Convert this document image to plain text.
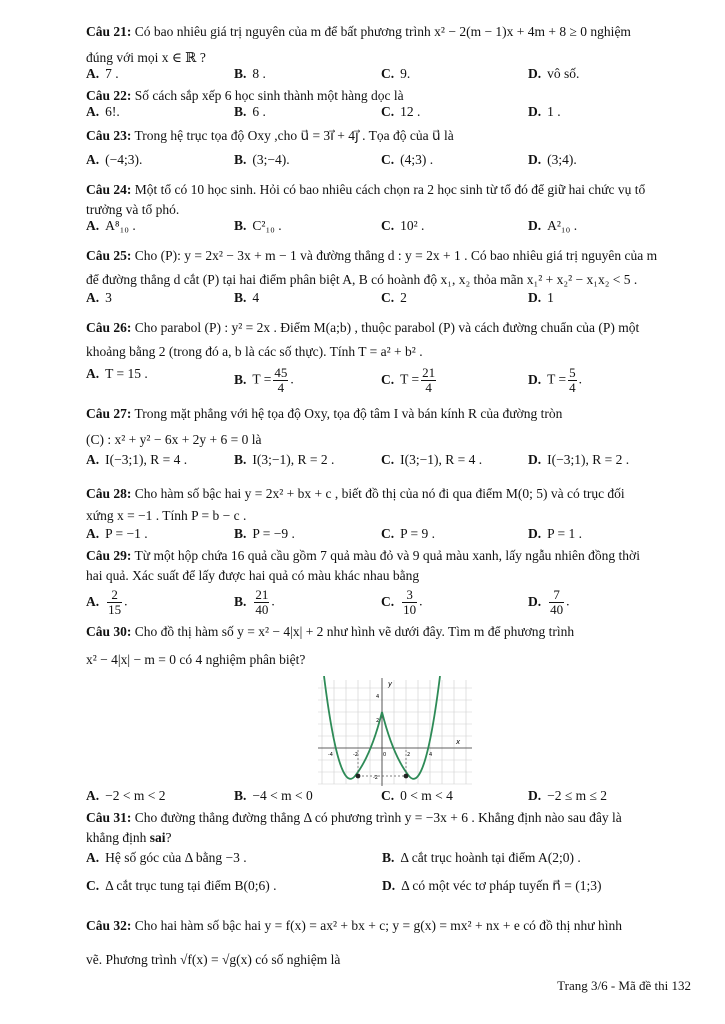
Câu 21: Có bao nhiêu giá trị nguyên của m để bất phương trình x² − 2(m − 1)x + 4m + 8 ≥ 0 nghiệm
đúng với mọi x ∈ ℝ ?
A. 7 .	B. 8 .	C. 9.	D. vô số.
Câu 22: Số cách sắp xếp 6 học sinh thành một hàng dọc là
A. 6!.	B. 6 .	C. 12 .	D. 1 .
Câu 23: Trong hệ trục tọa độ Oxy ,cho u⃗ = 3i⃗ + 4j⃗ . Tọa độ của u⃗ là
A. (−4;3).	B. (3;−4).	C. (4;3) .	D. (3;4).
Câu 24: Một tổ có 10 học sinh. Hỏi có bao nhiêu cách chọn ra 2 học sinh từ tổ đó để giữ hai chức vụ tổ
trưởng và tổ phó.
A. A⁸₁₀ .	B. C²₁₀ .	C. 10² .	D. A²₁₀ .
Câu 25: Cho (P): y = 2x² − 3x + m − 1 và đường thẳng d : y = 2x + 1 . Có bao nhiêu giá trị nguyên của m
để đường thẳng d cắt (P) tại hai điểm phân biệt A, B có hoành độ x₁, x₂ thỏa mãn x₁² + x₂² − x₁x₂ < 5 .
A. 3	B. 4	C. 2	D. 1
Câu 26: Cho parabol (P) : y² = 2x . Điểm M(a;b) , thuộc parabol (P) và cách đường chuẩn của (P) một
khoảng bằng 2 (trong đó a, b là các số thực). Tính T = a² + b² .
A. T = 15 .	B. $T = \frac{45}{4}$ .	C. $T = \frac{21}{4}$	D. $T = \frac{5}{4}$ .
Câu 27: Trong mặt phẳng với hệ tọa độ Oxy, tọa độ tâm I và bán kính R của đường tròn
(C) : x² + y² − 6x + 2y + 6 = 0 là
A. I(−3;1), R = 4 .	B. I(3;−1), R = 2 .	C. I(3;−1), R = 4 .	D. I(−3;1), R = 2 .
Câu 28: Cho hàm số bậc hai y = 2x² + bx + c , biết đồ thị của nó đi qua điểm M(0; 5) và có trục đối
xứng x = −1 . Tính P = b − c .
A. P = −1 .	B. P = −9 .	C. P = 9 .	D. P = 1 .
Câu 29: Từ một hộp chứa 16 quả cầu gồm 7 quả màu đỏ và 9 quả màu xanh, lấy ngẫu nhiên đồng thời
hai quả. Xác suất để lấy được hai quả có màu khác nhau bằng
A. $\frac{2}{15}$ .	B. $\frac{21}{40}$ .	C. $\frac{3}{10}$ .	D. $\frac{7}{40}$ .
Câu 30: Cho đồ thị hàm số y = x² − 4|x| + 2 như hình vẽ dưới đây. Tìm m để phương trình
x² − 4|x| − m = 0 có 4 nghiệm phân biệt?
y
x
4
2
-4	-2	0	2	4
-2
A. −2 < m < 2	B. −4 < m < 0	C. 0 < m < 4	D. −2 ≤ m ≤ 2
Câu 31: Cho đường thẳng đường thẳng Δ có phương trình y = −3x + 6 . Khẳng định nào sau đây là
khẳng định sai?
A. Hệ số góc của Δ bằng −3 .	B. Δ cắt trục hoành tại điểm A(2;0) .
C. Δ cắt trục tung tại điểm B(0;6) .	D. Δ có một véc tơ pháp tuyến n⃗ = (1;3)
Câu 32: Cho hai hàm số bậc hai y = f(x) = ax² + bx + c; y = g(x) = mx² + nx + e có đồ thị như hình
vẽ. Phương trình √f(x) = √g(x) có số nghiệm là
Trang 3/6 - Mã đề thi 132
